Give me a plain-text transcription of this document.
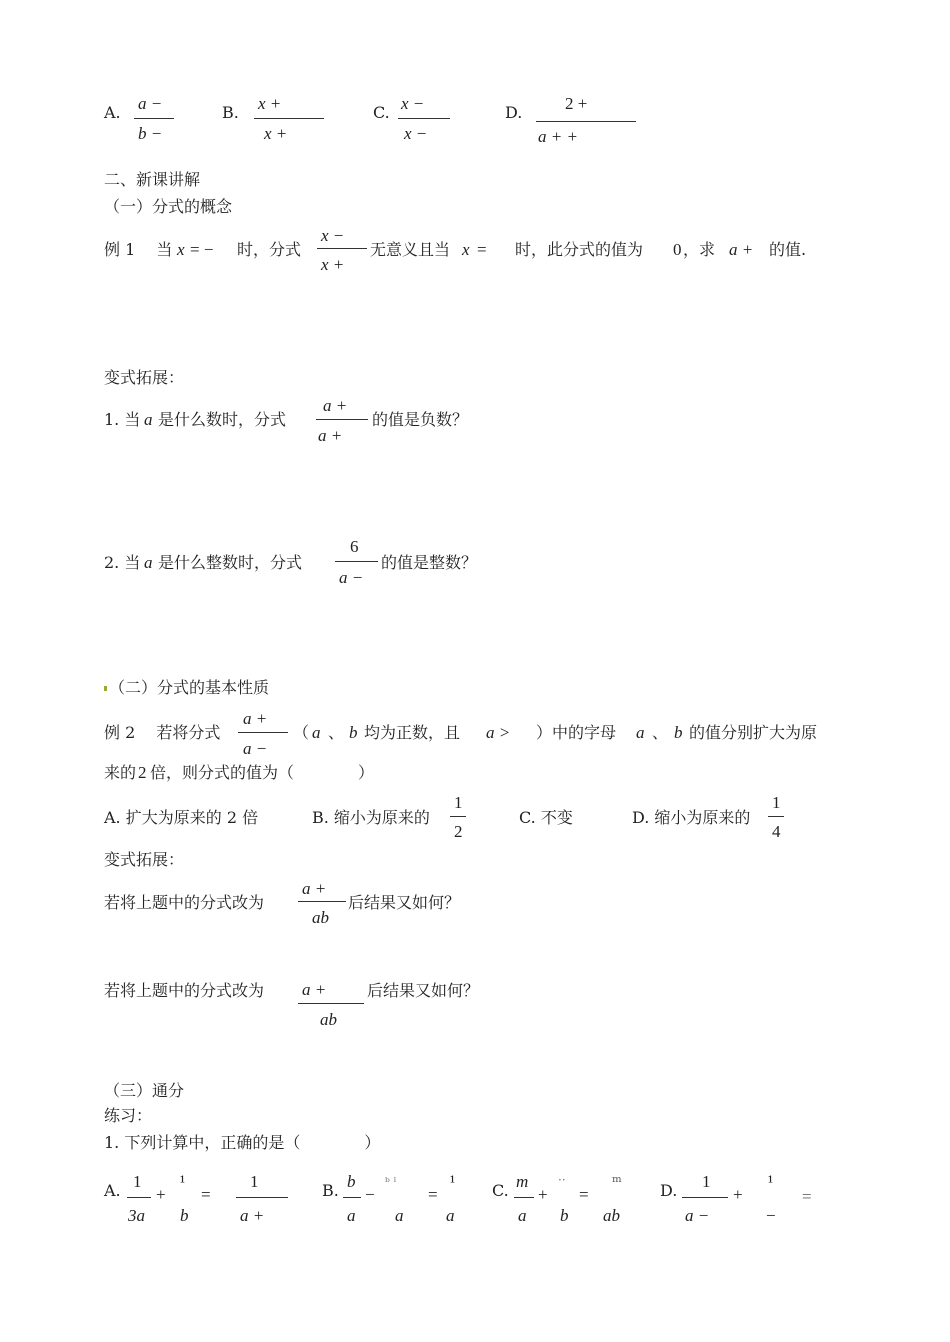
A. a −
b −
B. x +
x +
C. x −
x −
D.	2 +
a + +
二、新课讲解
（一）分式的概念
例 1　 当 x = − 时，分式
x −
x +
无意义且当 x = 时，此分式的值为 0 ，求 a + 的值.
变式拓展：
1. 当 a 是什么数时，分式
a +
a +
的值是负数？
2. 当 a 是什么整数时，分式
6
a −
的值是整数？
（二）分式的基本性质
例 2　 若将分式
a +
a −
（ a 、 b 均为正数，且 a > ）中的字母 a 、 b 的值分别扩大为原
来的 2 倍，则分式的值为（　　　　）
A. 扩大为原来的 2 倍	B. 缩小为原来的
1
2
C. 不变	D. 缩小为原来的
1
4
变式拓展：
若将上题中的分式改为
a +
ab
后结果又如何？
若将上题中的分式改为 a +
ab
后结果又如何？
（三）通分
练习：
1. 下列计算中，正确的是（　　　　）
A. 1
3a
+
¹
b
=
1
a +
B. b
a
−
ᵇ ˡ
a
=
¹
a
C. m
a
+
··
b
=
ᵐ
ab
D. 1
a −
+
¹
−
=
